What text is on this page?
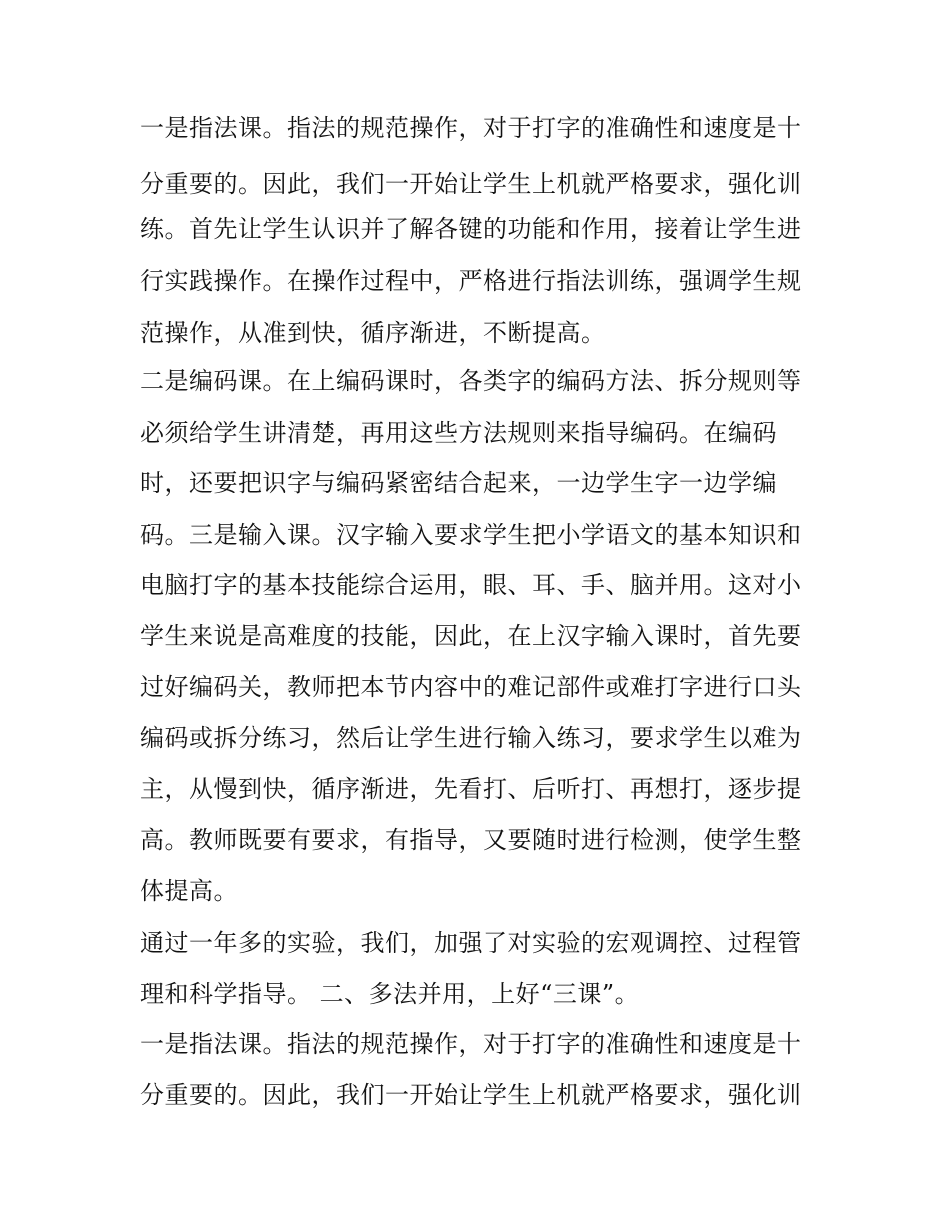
一是指法课。指法的规范操作，对于打字的准确性和速度是十
分重要的。因此，我们一开始让学生上机就严格要求，强化训
练。首先让学生认识并了解各键的功能和作用，接着让学生进
行实践操作。在操作过程中，严格进行指法训练，强调学生规
范操作，从准到快，循序渐进，不断提高。
二是编码课。在上编码课时，各类字的编码方法、拆分规则等
必须给学生讲清楚，再用这些方法规则来指导编码。在编码
时，还要把识字与编码紧密结合起来，一边学生字一边学编
码。三是输入课。汉字输入要求学生把小学语文的基本知识和
电脑打字的基本技能综合运用，眼、耳、手、脑并用。这对小
学生来说是高难度的技能，因此，在上汉字输入课时，首先要
过好编码关，教师把本节内容中的难记部件或难打字进行口头
编码或拆分练习，然后让学生进行输入练习，要求学生以难为
主，从慢到快，循序渐进，先看打、后听打、再想打，逐步提
高。教师既要有要求，有指导，又要随时进行检测，使学生整
体提高。
通过一年多的实验，我们，加强了对实验的宏观调控、过程管
理和科学指导。 二、多法并用，上好“三课”。
一是指法课。指法的规范操作，对于打字的准确性和速度是十
分重要的。因此，我们一开始让学生上机就严格要求，强化训
